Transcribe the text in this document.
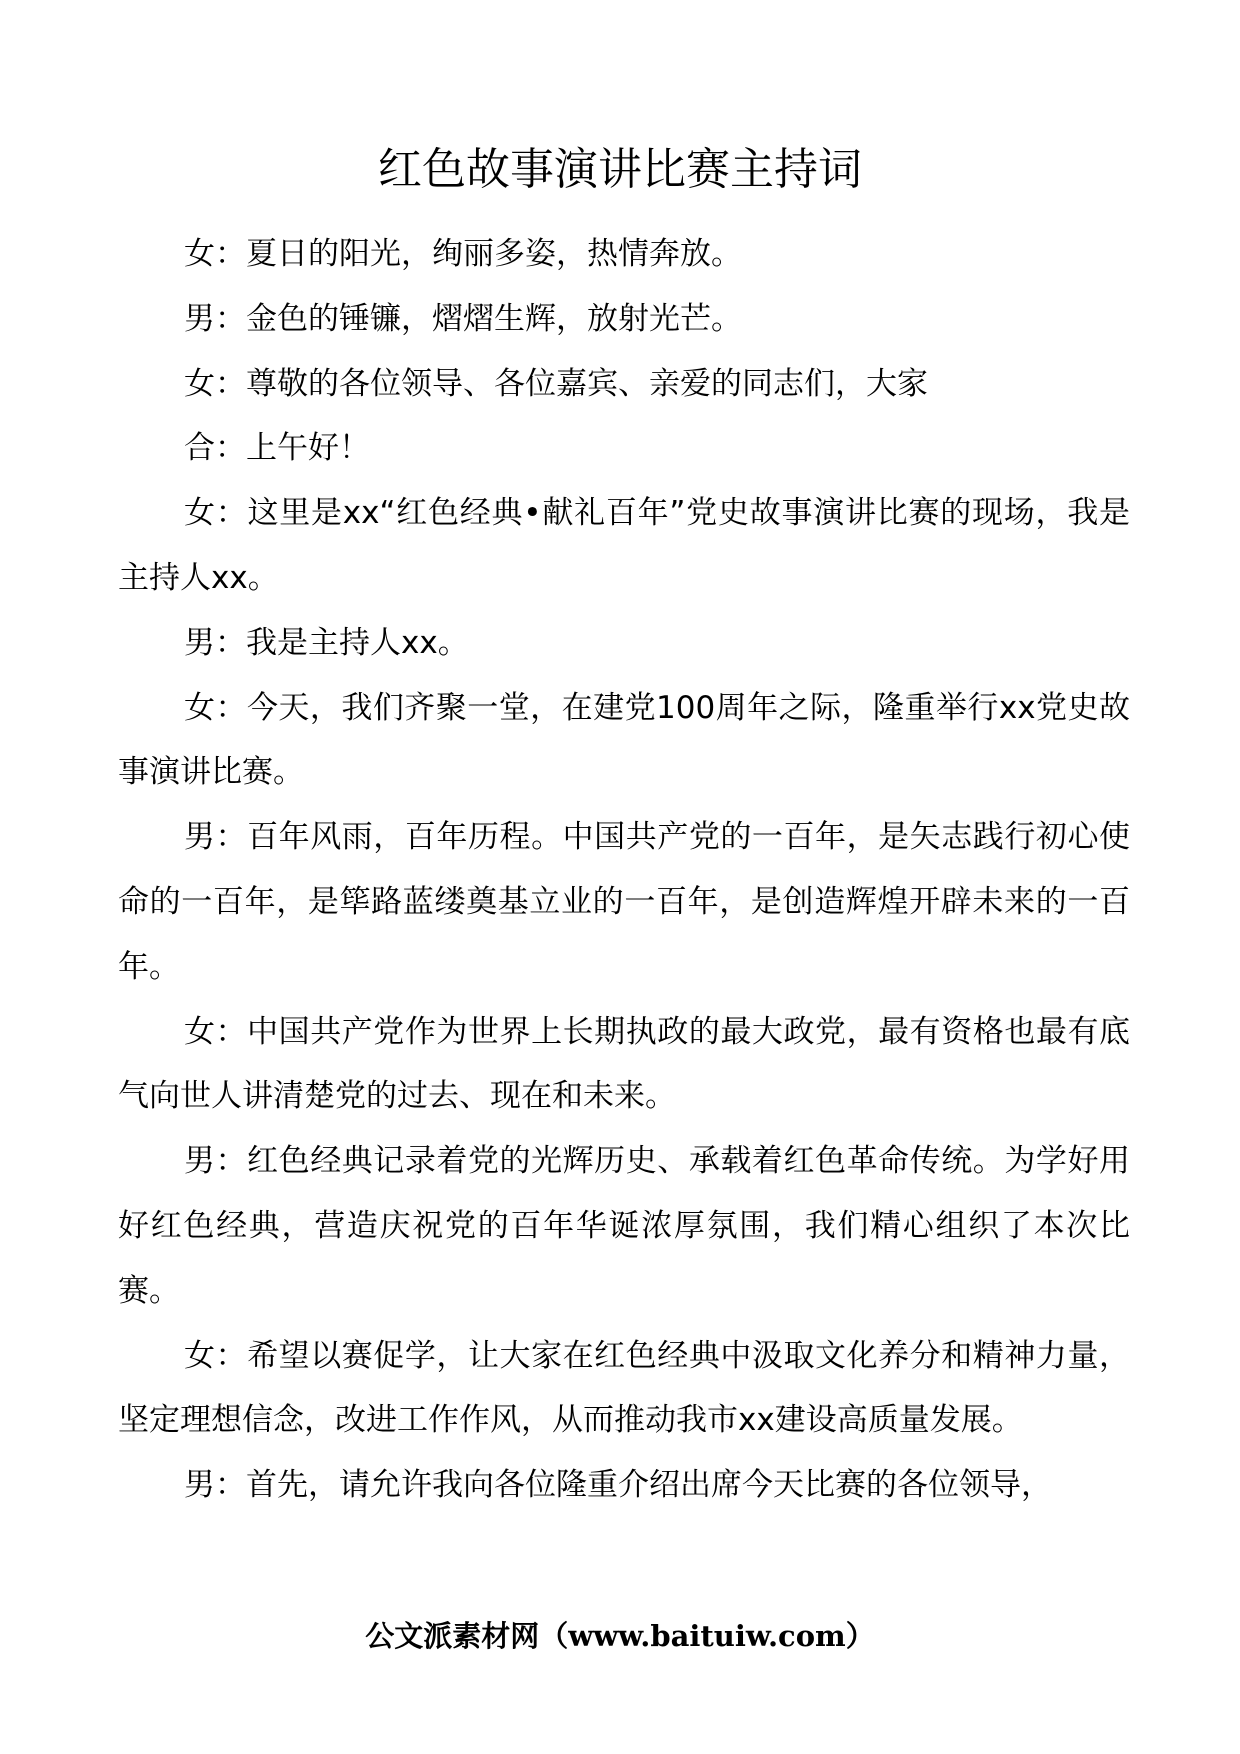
红色故事演讲比赛主持词

女：夏日的阳光，绚丽多姿，热情奔放。

男：金色的锤镰，熠熠生辉，放射光芒。

女：尊敬的各位领导、各位嘉宾、亲爱的同志们，大家

合：上午好！

女：这里是xx“红色经典•献礼百年”党史故事演讲比赛的现场，我是主持人xx。

男：我是主持人xx。

女：今天，我们齐聚一堂，在建党100周年之际，隆重举行xx党史故事演讲比赛。

男：百年风雨，百年历程。中国共产党的一百年，是矢志践行初心使命的一百年，是筚路蓝缕奠基立业的一百年，是创造辉煌开辟未来的一百年。

女：中国共产党作为世界上长期执政的最大政党，最有资格也最有底气向世人讲清楚党的过去、现在和未来。

男：红色经典记录着党的光辉历史、承载着红色革命传统。为学好用好红色经典，营造庆祝党的百年华诞浓厚氛围，我们精心组织了本次比赛。

女：希望以赛促学，让大家在红色经典中汲取文化养分和精神力量，坚定理想信念，改进工作作风，从而推动我市xx建设高质量发展。

男：首先，请允许我向各位隆重介绍出席今天比赛的各位领导，

公文派素材网（www.baituiw.com）
